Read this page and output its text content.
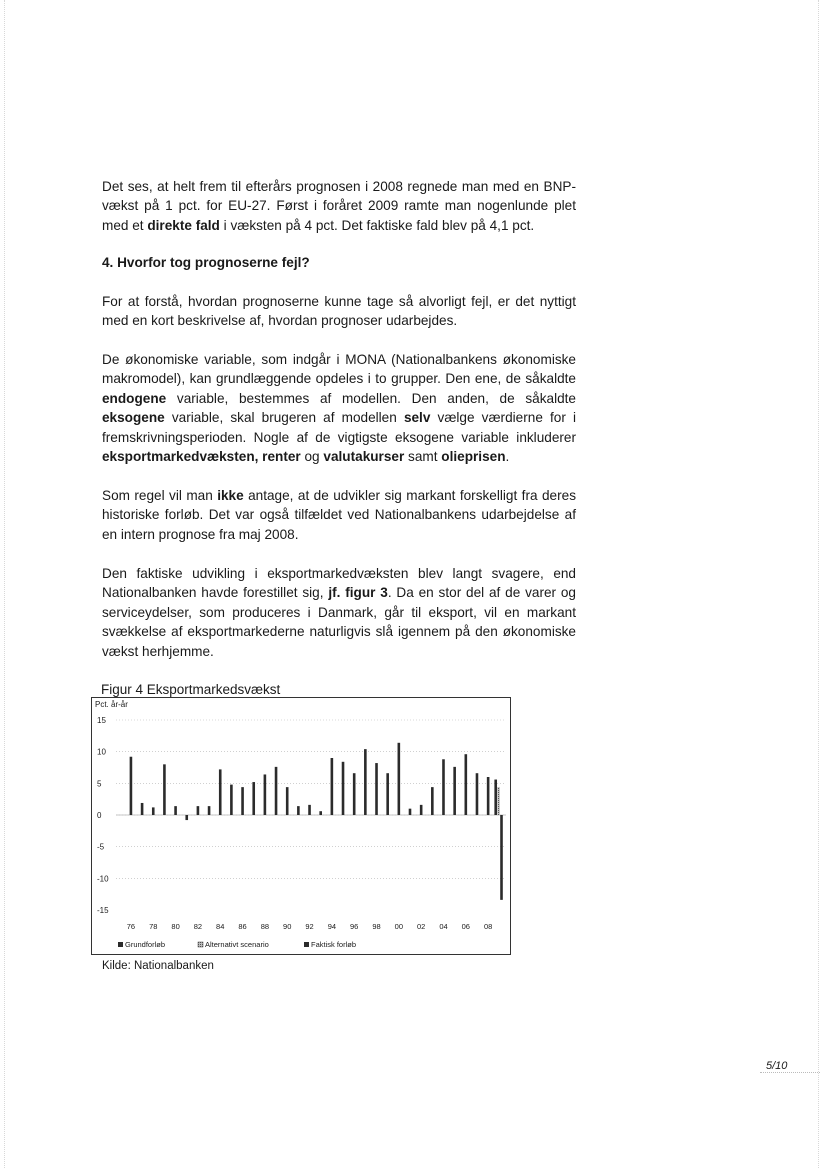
Det ses, at helt frem til efterårs prognosen i 2008 regnede man med en BNP-vækst på 1 pct. for EU-27. Først i foråret 2009 ramte man nogenlunde plet med et direkte fald i væksten på 4 pct. Det faktiske fald blev på 4,1 pct.
4. Hvorfor tog prognoserne fejl?
For at forstå, hvordan prognoserne kunne tage så alvorligt fejl, er det nyttigt med en kort beskrivelse af, hvordan prognoser udarbejdes.
De økonomiske variable, som indgår i MONA (Nationalbankens økonomiske makromodel), kan grundlæggende opdeles i to grupper. Den ene, de såkaldte endogene variable, bestemmes af modellen. Den anden, de såkaldte eksogene variable, skal brugeren af modellen selv vælge værdierne for i fremskrivningsperioden. Nogle af de vigtigste eksogene variable inkluderer eksportmarkedvæksten, renter og valutakurser samt olieprisen.
Som regel vil man ikke antage, at de udvikler sig markant forskelligt fra deres historiske forløb. Det var også tilfældet ved Nationalbankens udarbejdelse af en intern prognose fra maj 2008.
Den faktiske udvikling i eksportmarkedvæksten blev langt svagere, end Nationalbanken havde forestillet sig, jf. figur 3. Da en stor del af de varer og serviceydelser, som produceres i Danmark, går til eksport, vil en markant svækkelse af eksportmarkederne naturligvis slå igennem på den økonomiske vækst herhjemme.
Figur 4 Eksportmarkedsvækst
Pct. år-år
15
10
5
0
-5
-10
-15
76 78 80 82 84 86 88 90 92 94 96 98 00 02 04 06 08
Grundforløb	Alternativt scenario	Faktisk forløb
Kilde: Nationalbanken
5/10
